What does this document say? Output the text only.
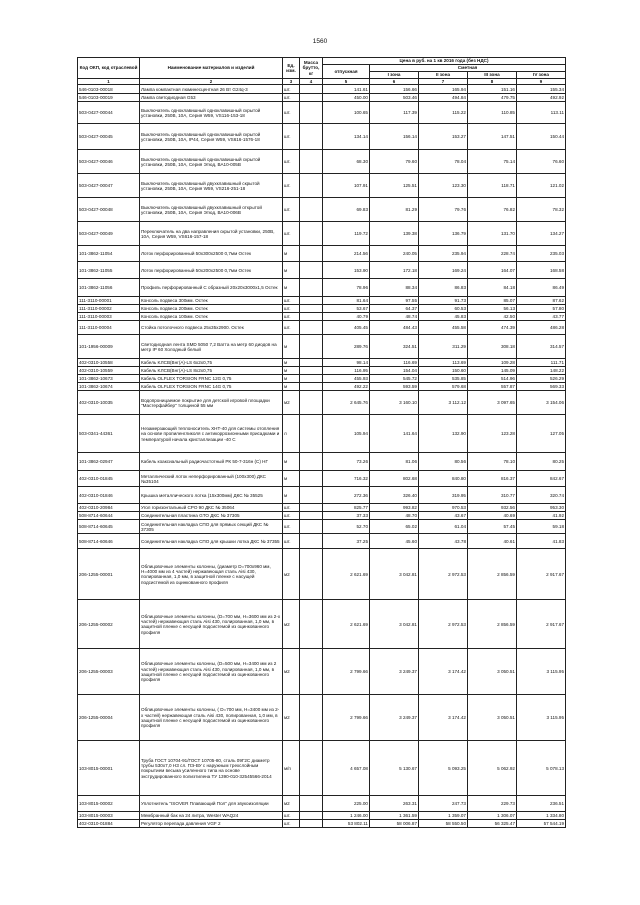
1560
Код ОКП, код отраслевой	Наименование материалов и изделий	Ед. изм.	Масса брутто, кг	Цена в руб. на 1 кв 2016 года (без НДС)				
				отпускная	Сметная			
					I зона	II зона	III зона	IV зона
1	2	3	4	5	6	7	8	9
546-0103-00018	Лампа компактная люминесцентная 26 Вт G24q-3	шт.		141.61	156.66	165.94	151.16	155.34
546-0103-00019	Лампа светодиодная G53	шт.		450.00	503.46	494.84	479.75	492.92
503-0427-00044	Выключатель одноклавишный одноклавишный скрытой установки, 250В, 10А, Серия W59, VS116-153-18	шт.		100.65	117.39	115.22	110.85	113.11
503-0427-00045	Выключатель одноклавишный одноклавишный скрытой установки, 250В, 10А, IP44, Серия W59, VS616-1576-18	шт.		134.14	156.14	153.27	147.51	150.44
503-0427-00046	Выключатель одноклавишный одноклавишный скрытой установки, 250В, 10А, Серия Этюд, ВА10-005В	шт.		68.30	79.60	78.04	75.14	76.60
503-0427-00047	Выключатель одноклавишный двухклавишный скрытой установки, 250В, 10А, Серия W59, VS216-251-18	шт.		107.91	125.51	123.30	118.71	121.02
503-0427-00048	Выключатель одноклавишный двухклавишный открытой установки, 250В, 10А, Серия Этюд, ВА10-006В	шт.		69.83	81.29	79.76	76.82	78.32
503-0427-00049	Переключатель на два направления скрытой установки, 250В, 10А, Серия W59, VS616-157-18	шт.		119.72	139.38	136.79	131.70	134.27
101-3862-11054	Лоток перфорированный 50х300х2500 0,7мм Остек	м		214.56	240.05	235.94	228.74	235.03
101-3862-11055	Лоток перфорированный 50х200х2500 0,7мм Остек	м		153.90	172.18	169.24	164.07	168.58
101-3862-11056	Профиль перфорированный С образный 20х20х3000х1,5 Остек	м		78.96	88.34	86.83	84.18	86.49
111-3110-00001	Консоль подвеса 300мм. Остек	шт.		81.64	97.55	91.73	85.07	87.62
111-3110-00002	Консоль подвеса 200мм. Остек	шт.		53.67	64.37	60.53	56.13	57.80
111-3110-00003	Консоль подвеса 100мм. Остек	шт.		40.79	48.74	45.83	42.50	43.77
111-3110-00004	Стойка потолочного подвеса 25х35х2900. Остек	шт.		405.45	484.43	455.58	474.39	486.28
101-1956-00009	Светодиодная лента SMD 5050 7,2 Ватта на метр 60 диодов на метр IP 60 Холодный белый	м		289.76	324.51	311.29	308.18	314.57
402-0310-10558	Кабель KЛCB(Bнг(A)-LS 6х2х0,75	м		98.14	116.69	113.69	109.28	111.71
402-0310-10559	Кабель KЛCB(Bнг(A)-LS 8х2х0,75	м		116.95	154.04	150.60	145.09	148.22
101-3862-10673	Кабель OLFLEX TORSION FRNC 12G 0,75	м		455.93	545.72	535.85	514.96	526.29
101-3862-10674	Кабель OLFLEX TORSION FRNC 14G 0,75	м		492.22	593.59	579.68	557.87	569.33
402-0310-10035	Водопроницаемое покрытие для детской игровой площадки "Мастерфайбер" толщиной 55 мм	м2		2 645.76	3 160.10	3 112.12	3 097.65	3 154.06
503-0341-44361	Незамерзающий теплоноситель ХНТ-40 для системы отопления на основе пропиленгликоля с антикоррозионными присадками и температурой начала кристаллизации -40 С	л		105.94	141.64	132.90	123.28	127.05
101-3862-02947	Кабель коаксиальный радиочастотный РК 50-7-316н (С) НГ	м		73.26	81.06	80.56	78.10	80.25
402-0310-01845	Металлический лоток неперфорированный (100х300) ДКС №35104	м		716.32	802.68	840.80	816.37	842.67
402-0310-01846	Крышка металлического лотка (15х300мм) ДКС № 35525	м		272.36	326.40	319.95	310.77	320.74
402-0310-20984	Угол горизонтальный CPO 90 ДКС № 35064	шт.		825.77	993.82	970.53	932.56	953.30
508-8714-60644	Соединительная пластина GTO ДКС № 37305	шт.		37.33	48.70	43.67	40.69	41.92
508-8714-60645	Соединительная накладка СПО для прямых секций ДКС № 37305	шт.		52.70	65.02	61.04	57.45	59.18
508-8714-60646	Соединительная накладка СПО для крышки лотка ДКС № 37355	шт.		37.25	45.60	43.78	40.61	41.83
206-1255-00001	Облицовочные элементы колонны, (диаметр D=700х960 мм, Н=4000 мм из 4 частей) нержавеющая сталь Aisi 430, полированная, 1,0 мм, в защитной пленке с насущей подсистемой из оцинкованного профиля	м2		2 621.69	3 042.81	2 972.53	2 856.59	2 917.67
206-1255-00002	Облицовочные элементы колонны, (D=700 мм, Н=3600 мм из 2-х частей) нержавеющая сталь Aisi 430, полированная, 1,0 мм, в защитной пленке с несущей подсистемой из оцинкованного профиля	м2		2 621.69	3 042.81	2 972.53	2 856.59	2 917.67
206-1255-00003	Облицовочные элементы колонны, (D=500 мм, Н=3400 мм из 2 частей) нержавеющая сталь Aisi 430, полированная, 1,0 мм, в защитной пленке с несущей подсистемой из оцинкованного профиля	м2		2 799.66	3 249.37	3 174.42	3 050.51	3 115.95
206-1255-00004	Облицовочные элементы колонны, ( D=700 мм, Н=3400 мм из 2-х частей) нержавеющая сталь Aisi 430, полированная, 1,0 мм, в защитной пленке с несущей подсистемой из оцинкованного профиля	м2		2 799.66	3 249.37	3 174.42	3 050.51	3 115.95
103-8015-00001	Труба ГОСТ 10704-91/ГОСТ 10705-80, сталь 09Г2С диаметр трубы 530х7,0 НЗ сл. ПЭ-ВУ с наружным трехслойным покрытием весьма усиленного типа на основе экструдированного полиэтилена ТУ 1390-010-32545566-2014	м/п		4 657.08	5 130.67	5 093.25	5 062.92	5 078.13
103-8015-00002	Уплотнитель "ISOVER Плавающий Пол" для звукоизоляции	м2		225.00	263.31	247.73	229.73	236.51
103-8015-00003	Мембранный бак на 24 литра, Wester WAQ24	шт.		1 246.00	1 361.59	1 359.07	1 306.07	1 334.80
402-0310-01884	Регулятор перепада давления VGF 2	шт.		53 802.11	58 006.87	58 550.50	56 325.47	57 544.19
